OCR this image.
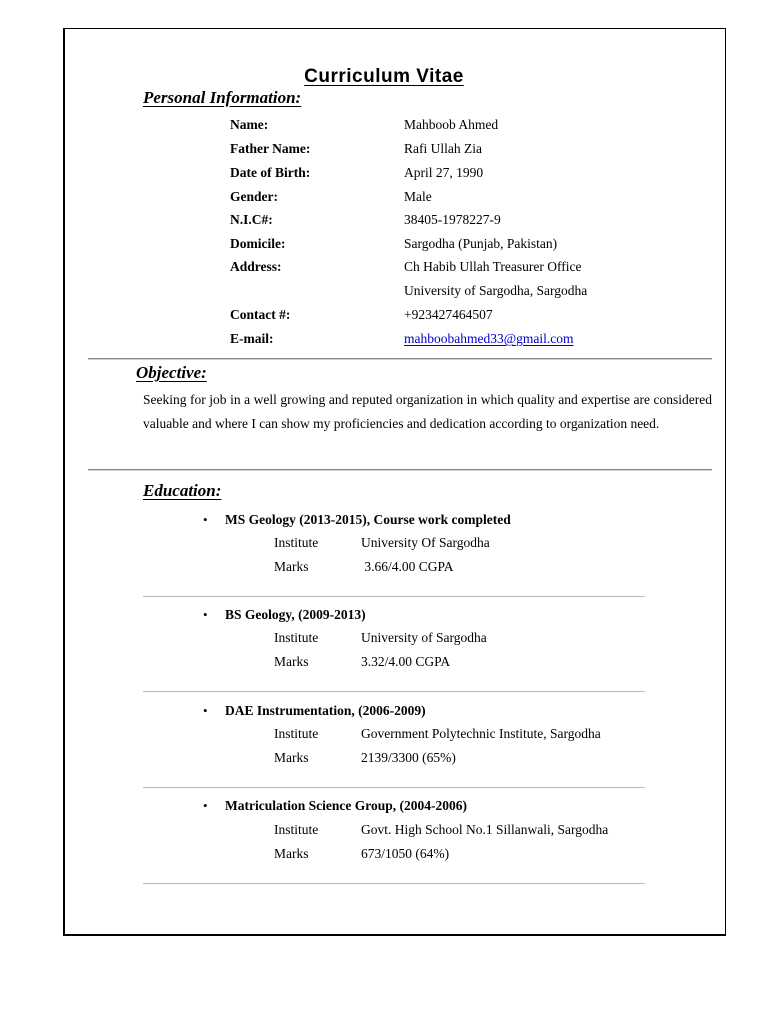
Curriculum Vitae
Personal Information:
Name:	Mahboob Ahmed
Father Name:	Rafi Ullah Zia
Date of Birth:	April 27, 1990
Gender:	Male
N.I.C#:	38405-1978227-9
Domicile:	Sargodha (Punjab, Pakistan)
Address:	Ch Habib Ullah Treasurer Office
University of Sargodha, Sargodha
Contact #:	+923427464507
E-mail:	mahboobahmed33@gmail.com
Objective:
Seeking for job in a well growing and reputed organization in which quality and expertise are considered valuable and where I can show my proficiencies and dedication according to organization need.
Education:
• MS Geology (2013-2015), Course work completed
Institute	University Of Sargodha
Marks	3.66/4.00 CGPA
• BS Geology, (2009-2013)
Institute	University of Sargodha
Marks	3.32/4.00 CGPA
• DAE Instrumentation, (2006-2009)
Institute	Government Polytechnic Institute, Sargodha
Marks	2139/3300 (65%)
• Matriculation Science Group, (2004-2006)
Institute	Govt. High School No.1 Sillanwali, Sargodha
Marks	673/1050 (64%)
